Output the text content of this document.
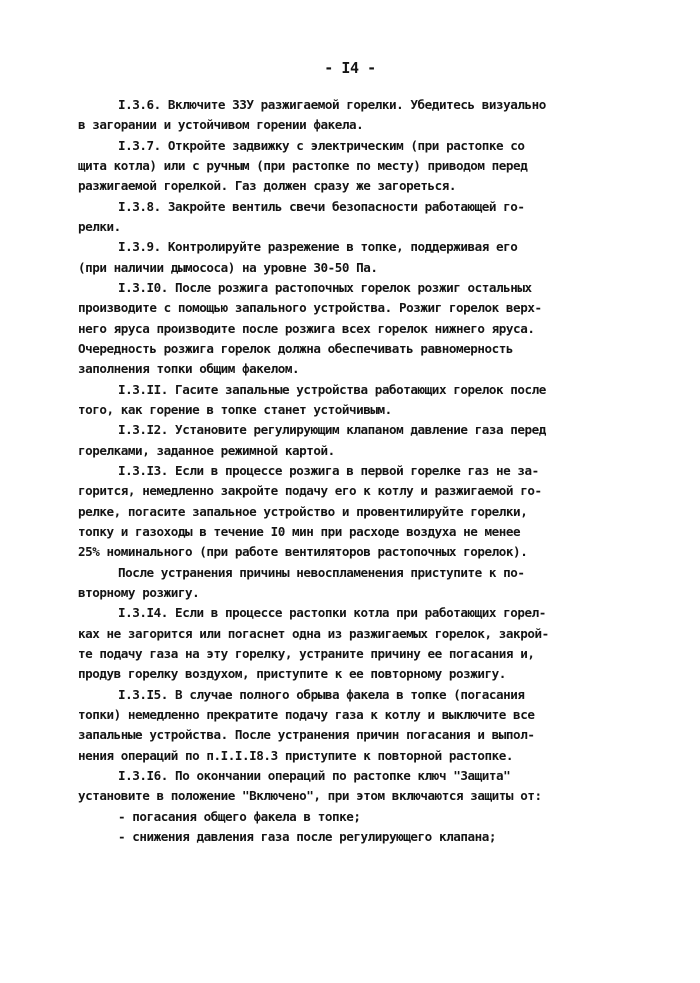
- I4 -
I.3.6. Включите ЗЗУ разжигаемой горелки. Убедитесь визуально
в загорании и устойчивом горении факела.
I.3.7. Откройте задвижку с электрическим (при растопке со
щита котла) или с ручным (при растопке по месту) приводом перед
разжигаемой горелкой. Газ должен сразу же загореться.
I.3.8. Закройте вентиль свечи безопасности работающей го-
релки.
I.3.9. Контролируйте разрежение в топке, поддерживая его
(при наличии дымососа) на уровне 30-50 Па.
I.3.I0. После розжига растопочных горелок розжиг остальных
производите с помощью запального устройства. Розжиг горелок верх-
него яруса производите после розжига всех горелок нижнего яруса.
Очередность розжига горелок должна обеспечивать равномерность
заполнения топки общим факелом.
I.3.II. Гасите запальные устройства работающих горелок после
того, как горение в топке станет устойчивым.
I.3.I2. Установите регулирующим клапаном давление газа перед
горелками, заданное режимной картой.
I.3.I3. Если в процессе розжига в первой горелке газ не за-
горится, немедленно закройте подачу его к котлу и разжигаемой го-
релке, погасите запальное устройство и провентилируйте горелки,
топку и газоходы в течение I0 мин при расходе воздуха не менее
25% номинального (при работе вентиляторов растопочных горелок).
После устранения причины невоспламенения приступите к по-
вторному розжигу.
I.3.I4. Если в процессе растопки котла при работающих горел-
ках не загорится или погаснет одна из разжигаемых горелок, закрой-
те подачу газа на эту горелку, устраните причину ее погасания и,
продув горелку воздухом, приступите к ее повторному розжигу.
I.3.I5. В случае полного обрыва факела в топке (погасания
топки) немедленно прекратите подачу газа к котлу и выключите все
запальные устройства. После устранения причин погасания и выпол-
нения операций по п.I.I.I8.3 приступите к повторной растопке.
I.3.I6. По окончании операций по растопке ключ "Защита"
установите в положение "Включено", при этом включаются защиты от:
- погасания общего факела в топке;
- снижения давления газа после регулирующего клапана;
